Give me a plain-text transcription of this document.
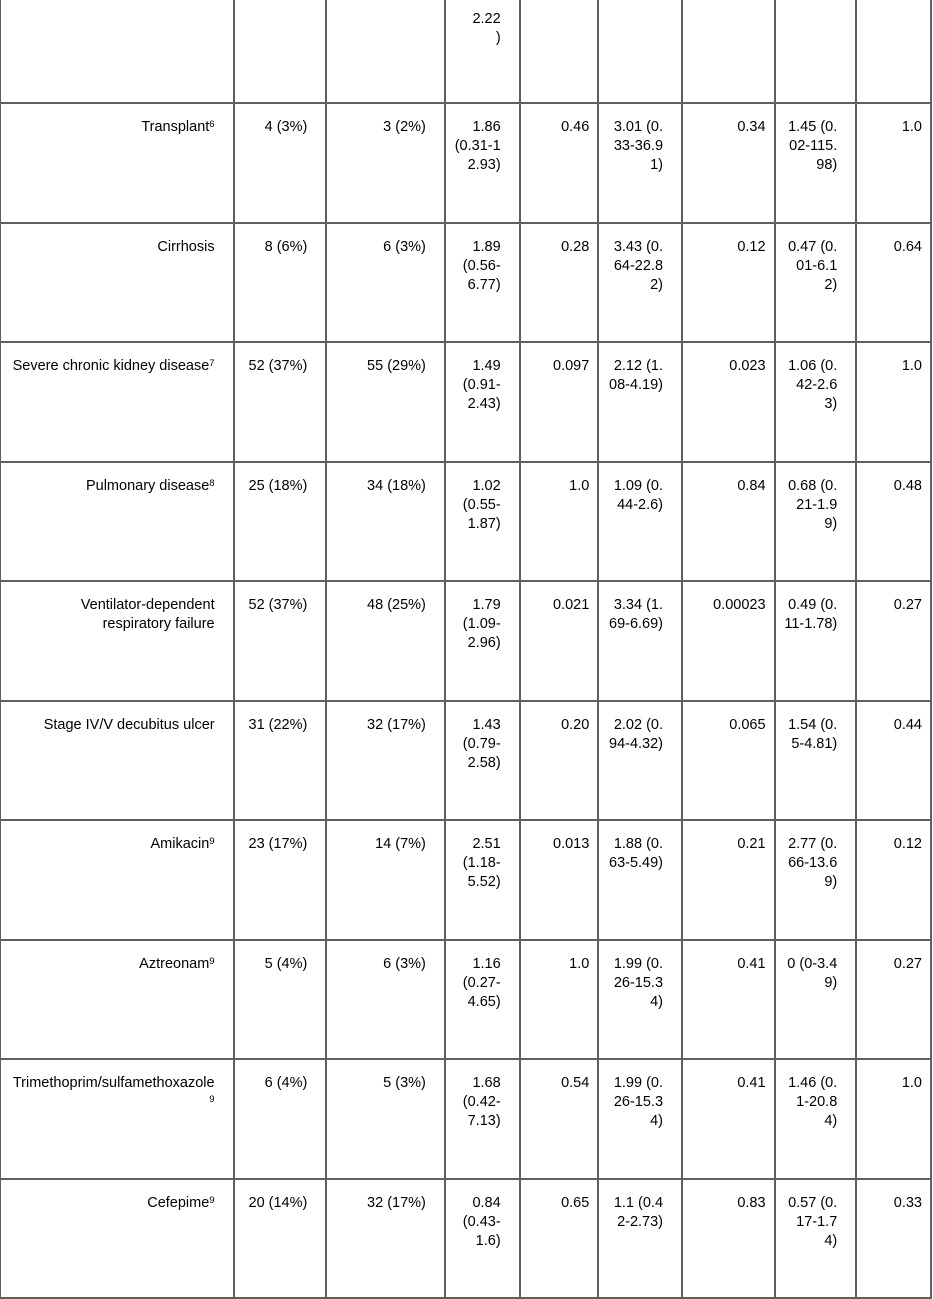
			2.22
)					
Transplant$^6$	4 (3%)	3 (2%)	1.86 (0.31-12.93)	0.46	3.01 (0.33-36.91)	0.34	1.45 (0.02-115.98)	1.0
Cirrhosis	8 (6%)	6 (3%)	1.89 (0.56-6.77)	0.28	3.43 (0.64-22.82)	0.12	0.47 (0.01-6.12)	0.64
Severe chronic kidney disease$^7$	52 (37%)	55 (29%)	1.49 (0.91-2.43)	0.097	2.12 (1.08-4.19)	0.023	1.06 (0.42-2.63)	1.0
Pulmonary disease$^8$	25 (18%)	34 (18%)	1.02 (0.55-1.87)	1.0	1.09 (0.44-2.6)	0.84	0.68 (0.21-1.99)	0.48
Ventilator-dependent respiratory failure	52 (37%)	48 (25%)	1.79 (1.09-2.96)	0.021	3.34 (1.69-6.69)	0.00023	0.49 (0.11-1.78)	0.27
Stage IV/V decubitus ulcer	31 (22%)	32 (17%)	1.43 (0.79-2.58)	0.20	2.02 (0.94-4.32)	0.065	1.54 (0.5-4.81)	0.44
Amikacin$^9$	23 (17%)	14 (7%)	2.51 (1.18-5.52)	0.013	1.88 (0.63-5.49)	0.21	2.77 (0.66-13.69)	0.12
Aztreonam$^9$	5 (4%)	6 (3%)	1.16 (0.27-4.65)	1.0	1.99 (0.26-15.34)	0.41	0 (0-3.49)	0.27
Trimethoprim/sulfamethoxazole$^9$	6 (4%)	5 (3%)	1.68 (0.42-7.13)	0.54	1.99 (0.26-15.34)	0.41	1.46 (0.1-20.84)	1.0
Cefepime$^9$	20 (14%)	32 (17%)	0.84 (0.43-1.6)	0.65	1.1 (0.42-2.73)	0.83	0.57 (0.17-1.74)	0.33
